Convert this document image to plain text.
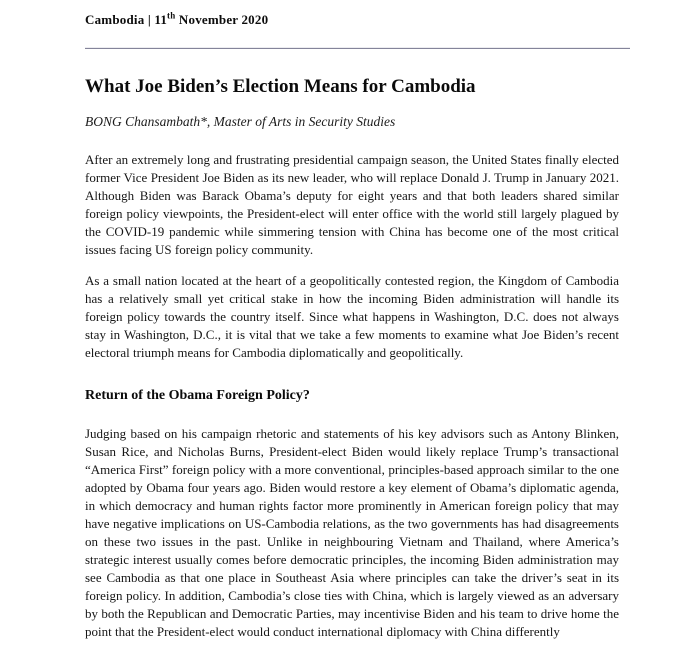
Cambodia | 11th November 2020
What Joe Biden’s Election Means for Cambodia

BONG Chansambath*, Master of Arts in Security Studies

After an extremely long and frustrating presidential campaign season, the United States finally elected former Vice President Joe Biden as its new leader, who will replace Donald J. Trump in January 2021. Although Biden was Barack Obama’s deputy for eight years and that both leaders shared similar foreign policy viewpoints, the President-elect will enter office with the world still largely plagued by the COVID-19 pandemic while simmering tension with China has become one of the most critical issues facing US foreign policy community.

As a small nation located at the heart of a geopolitically contested region, the Kingdom of Cambodia has a relatively small yet critical stake in how the incoming Biden administration will handle its foreign policy towards the country itself. Since what happens in Washington, D.C. does not always stay in Washington, D.C., it is vital that we take a few moments to examine what Joe Biden’s recent electoral triumph means for Cambodia diplomatically and geopolitically.

Return of the Obama Foreign Policy?

Judging based on his campaign rhetoric and statements of his key advisors such as Antony Blinken, Susan Rice, and Nicholas Burns, President-elect Biden would likely replace Trump’s transactional “America First” foreign policy with a more conventional, principles-based approach similar to the one adopted by Obama four years ago. Biden would restore a key element of Obama’s diplomatic agenda, in which democracy and human rights factor more prominently in American foreign policy that may have negative implications on US-Cambodia relations, as the two governments has had disagreements on these two issues in the past. Unlike in neighbouring Vietnam and Thailand, where America’s strategic interest usually comes before democratic principles, the incoming Biden administration may see Cambodia as that one place in Southeast Asia where principles can take the driver’s seat in its foreign policy. In addition, Cambodia’s close ties with China, which is largely viewed as an adversary by both the Republican and Democratic Parties, may incentivise Biden and his team to drive home the point that the President-elect would conduct international diplomacy with China differently
